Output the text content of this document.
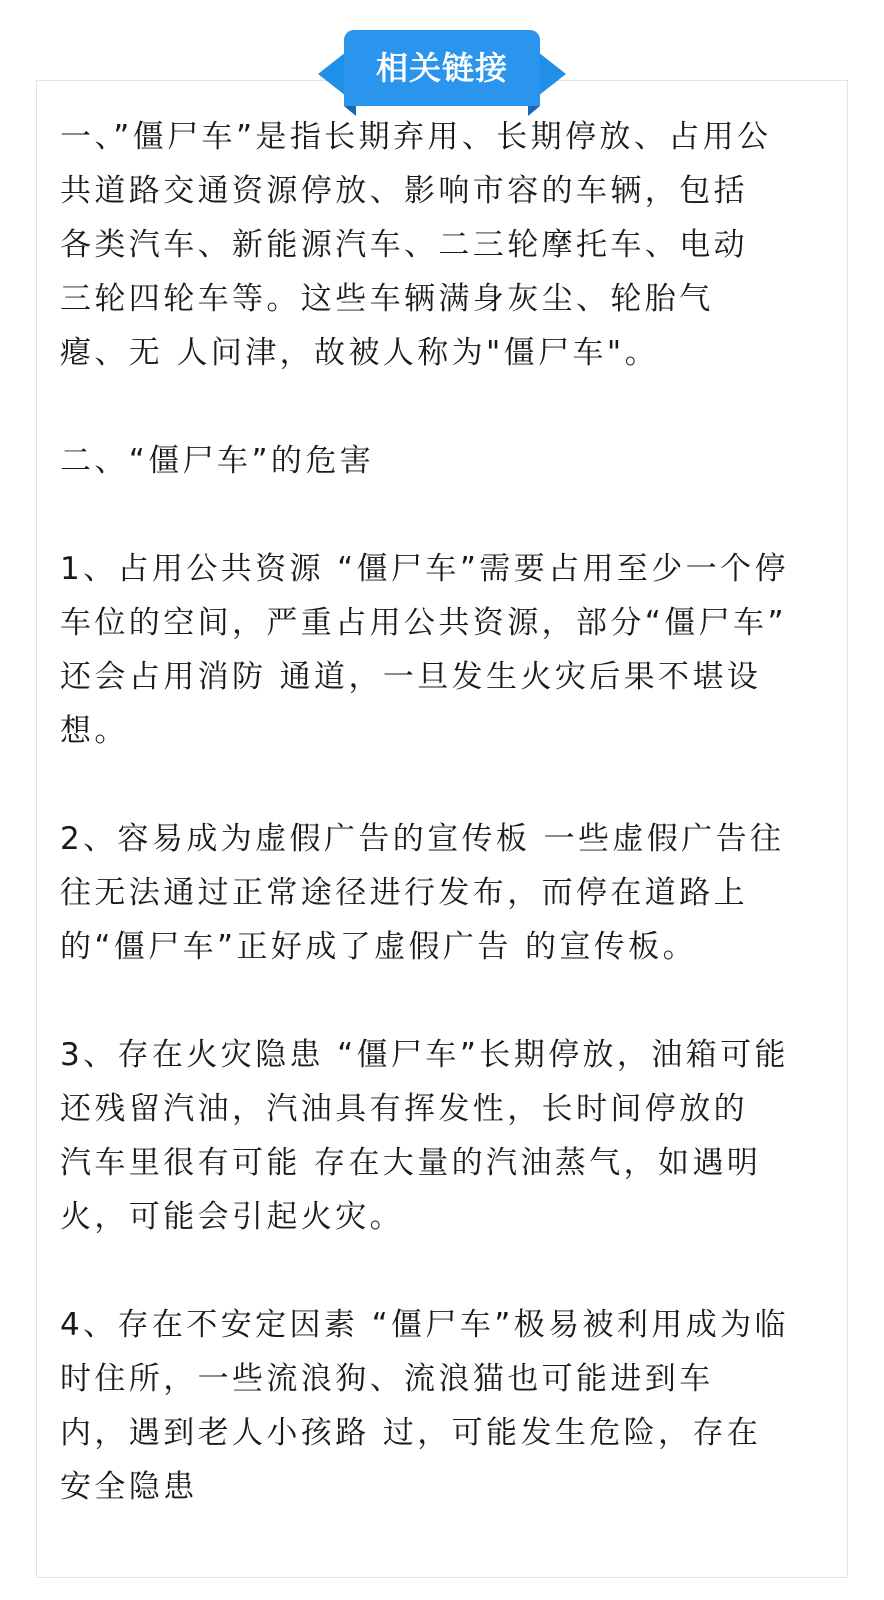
相关链接

一、”僵尸车”是指长期弃用、长期停放、占用公
共道路交通资源停放、影响市容的车辆，包括
各类汽车、新能源汽车、二三轮摩托车、电动
三轮四轮车等。这些车辆满身灰尘、轮胎气
瘪、无 人问津，故被人称为"僵尸车"。

二、“僵尸车”的危害

1、占用公共资源 “僵尸车”需要占用至少一个停
车位的空间，严重占用公共资源，部分“僵尸车”
还会占用消防 通道，一旦发生火灾后果不堪设
想。

2、容易成为虚假广告的宣传板 一些虚假广告往
往无法通过正常途径进行发布，而停在道路上
的“僵尸车”正好成了虚假广告 的宣传板。

3、存在火灾隐患 “僵尸车”长期停放，油箱可能
还残留汽油，汽油具有挥发性，长时间停放的
汽车里很有可能 存在大量的汽油蒸气，如遇明
火，可能会引起火灾。

4、存在不安定因素 “僵尸车”极易被利用成为临
时住所，一些流浪狗、流浪猫也可能进到车
内，遇到老人小孩路 过，可能发生危险，存在
安全隐患
